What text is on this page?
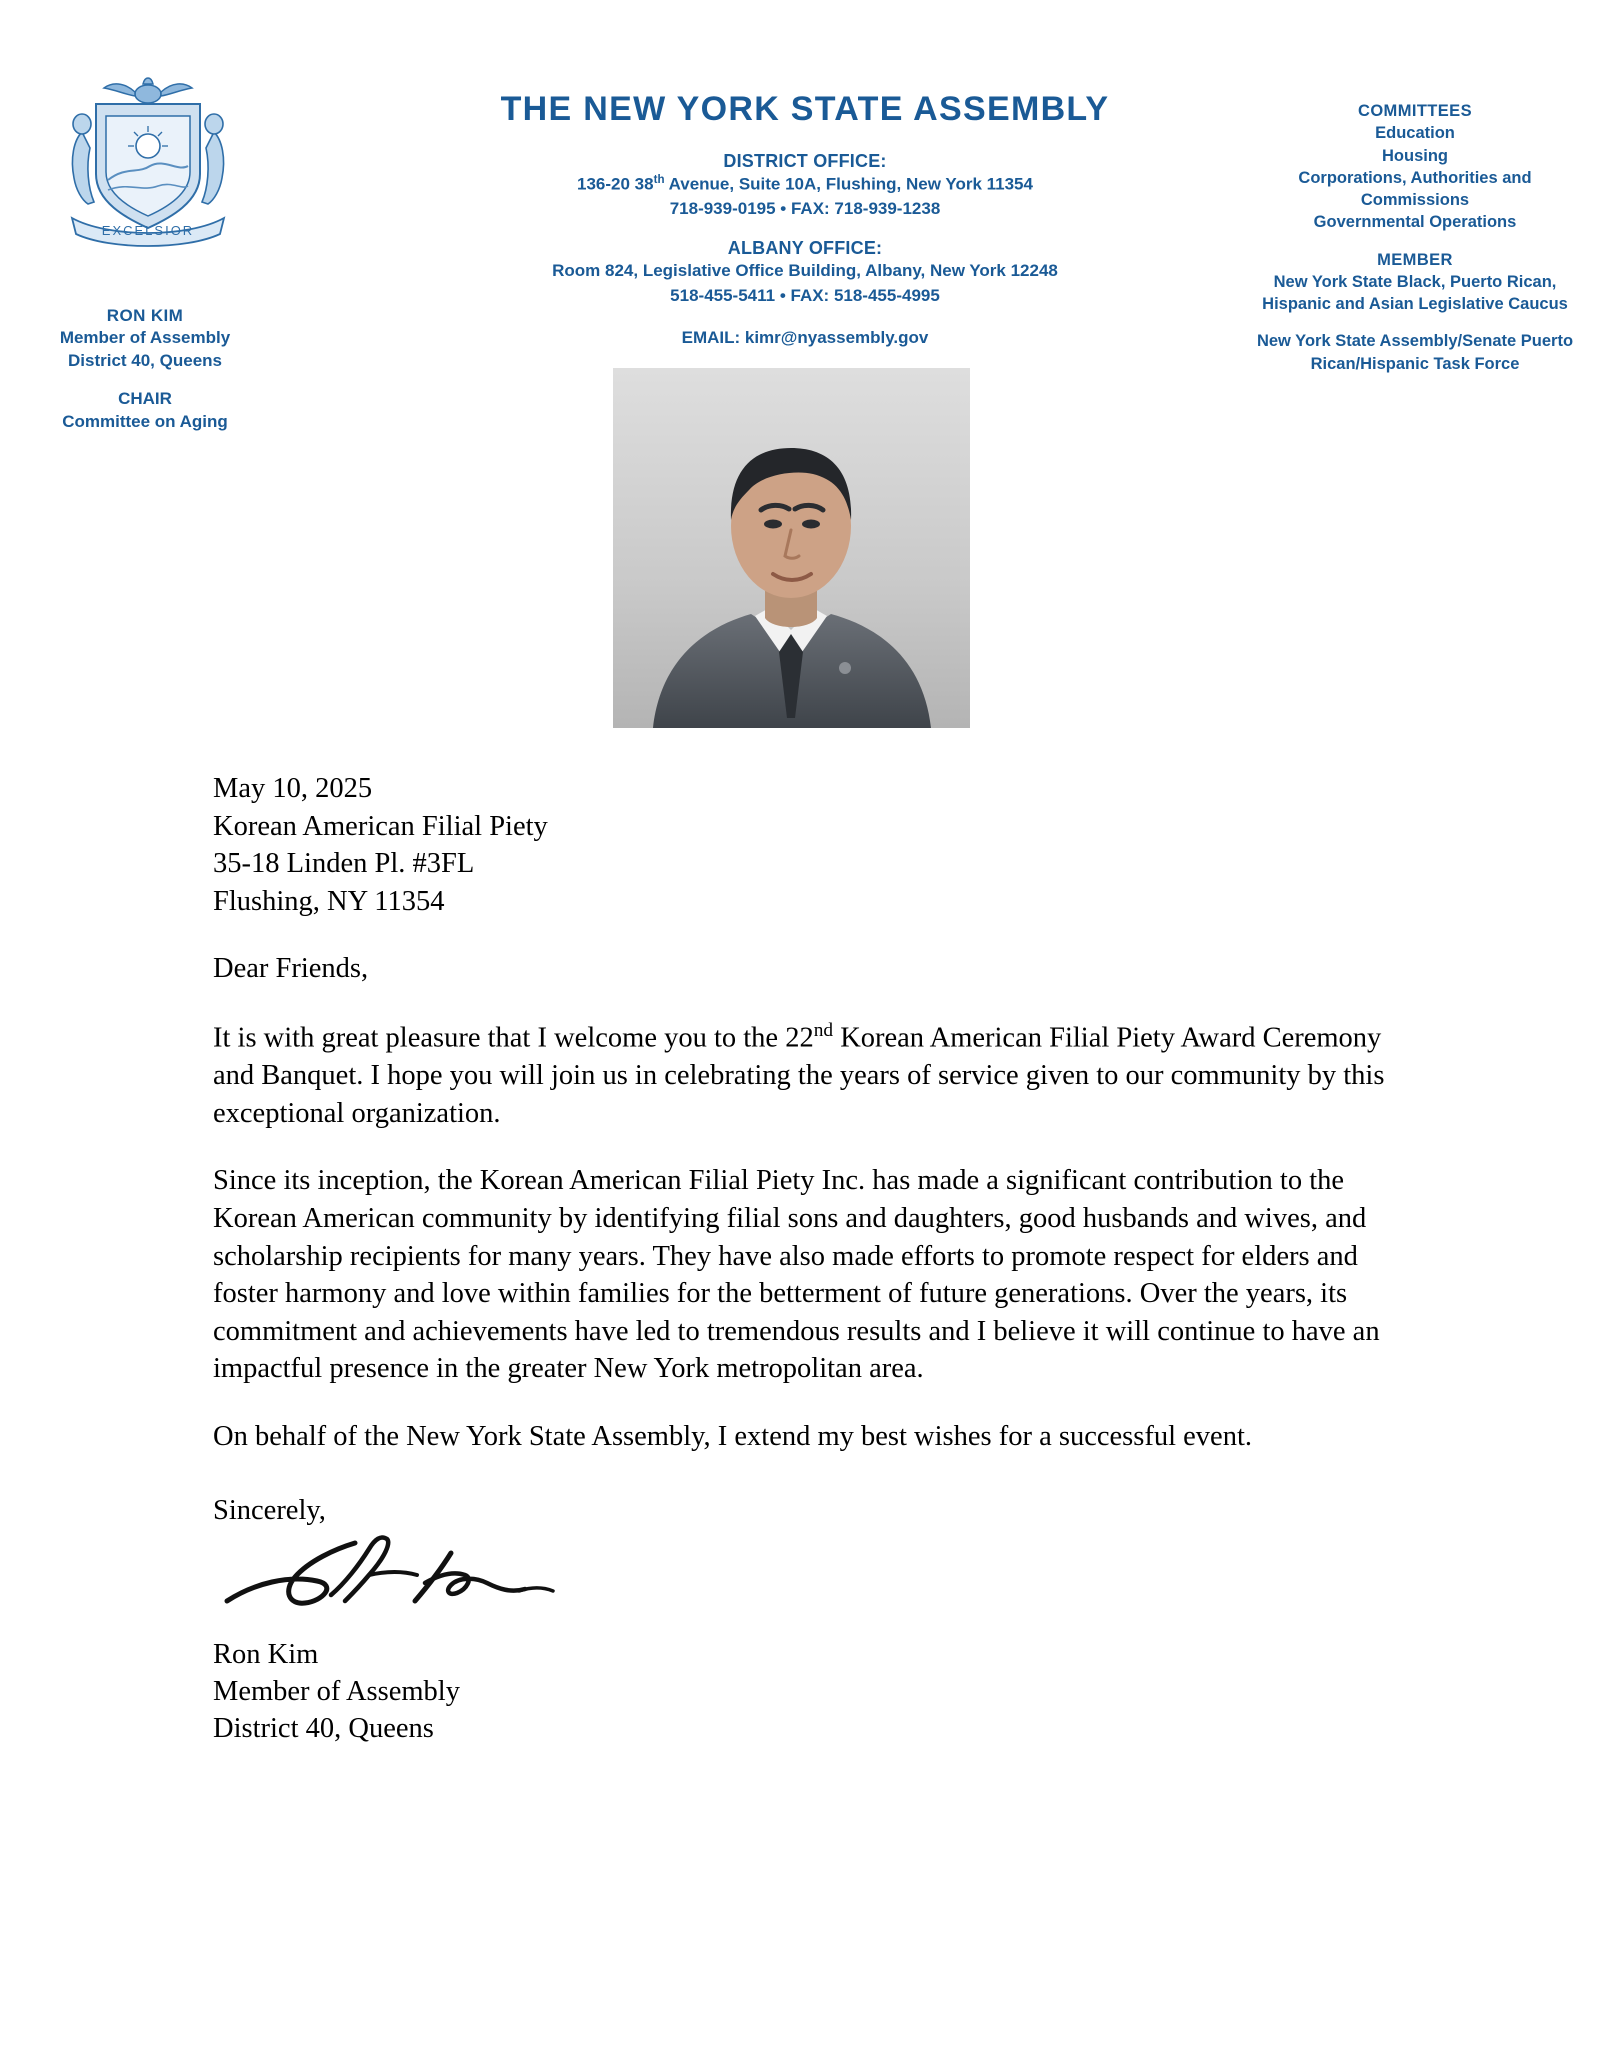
EXCELSIOR
RON KIM
Member of Assembly
District 40, Queens
CHAIR
Committee on Aging
THE NEW YORK STATE ASSEMBLY
DISTRICT OFFICE:
136-20 38th Avenue, Suite 10A, Flushing, New York 11354
718-939-0195 • FAX: 718-939-1238
ALBANY OFFICE:
Room 824, Legislative Office Building, Albany, New York 12248
518-455-5411 • FAX: 518-455-4995
EMAIL: kimr@nyassembly.gov
COMMITTEES
Education
Housing
Corporations, Authorities and Commissions
Governmental Operations
MEMBER
New York State Black, Puerto Rican, Hispanic and Asian Legislative Caucus
New York State Assembly/Senate Puerto Rican/Hispanic Task Force
May 10, 2025
Korean American Filial Piety
35-18 Linden Pl. #3FL
Flushing, NY 11354
Dear Friends,

It is with great pleasure that I welcome you to the 22nd Korean American Filial Piety Award Ceremony and Banquet. I hope you will join us in celebrating the years of service given to our community by this exceptional organization.

Since its inception, the Korean American Filial Piety Inc. has made a significant contribution to the Korean American community by identifying filial sons and daughters, good husbands and wives, and scholarship recipients for many years. They have also made efforts to promote respect for elders and foster harmony and love within families for the betterment of future generations. Over the years, its commitment and achievements have led to tremendous results and I believe it will continue to have an impactful presence in the greater New York metropolitan area.

On behalf of the New York State Assembly, I extend my best wishes for a successful event.

Sincerely,
Ron Kim
Member of Assembly
District 40, Queens
